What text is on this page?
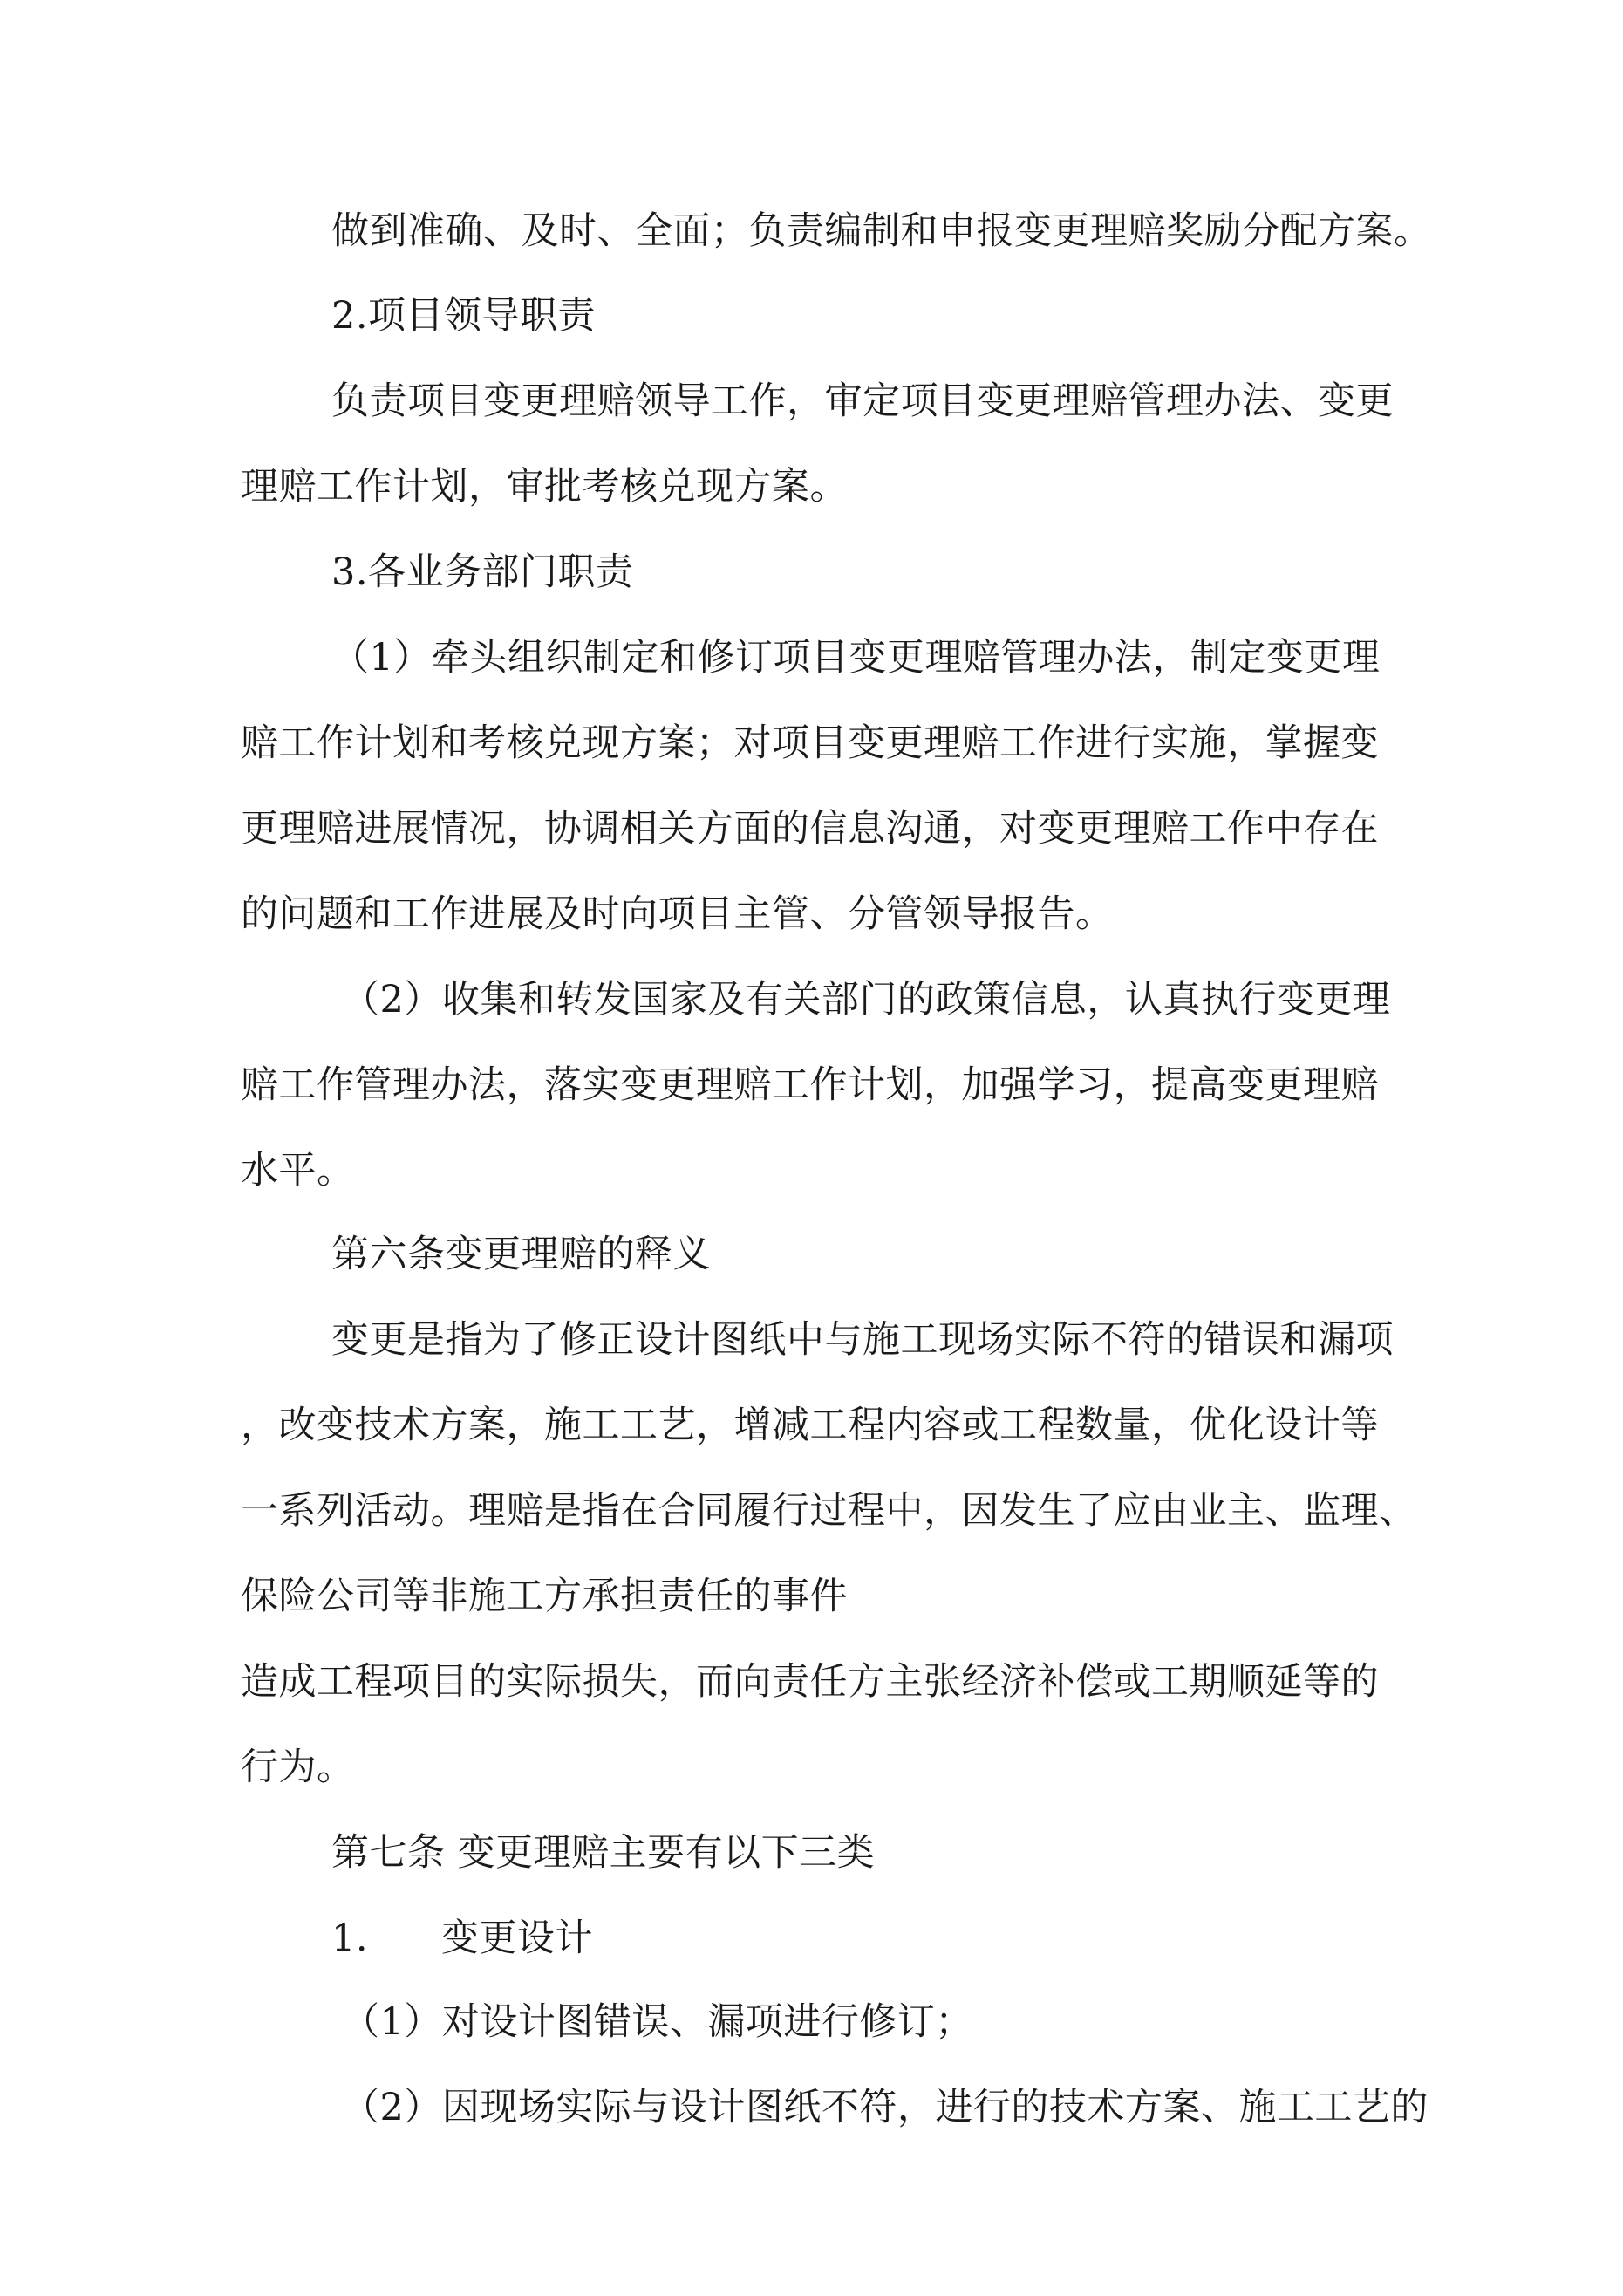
做到准确、及时、全面；负责编制和申报变更理赔奖励分配方案。
2.项目领导职责
负责项目变更理赔领导工作，审定项目变更理赔管理办法、变更
理赔工作计划，审批考核兑现方案。
3.各业务部门职责
（1）牵头组织制定和修订项目变更理赔管理办法，制定变更理
赔工作计划和考核兑现方案；对项目变更理赔工作进行实施，掌握变
更理赔进展情况，协调相关方面的信息沟通，对变更理赔工作中存在
的问题和工作进展及时向项目主管、分管领导报告。
（2）收集和转发国家及有关部门的政策信息，认真执行变更理
赔工作管理办法，落实变更理赔工作计划，加强学习，提高变更理赔
水平。
第六条变更理赔的释义
变更是指为了修正设计图纸中与施工现场实际不符的错误和漏项
，改变技术方案，施工工艺，增减工程内容或工程数量，优化设计等
一系列活动。理赔是指在合同履行过程中，因发生了应由业主、监理、
保险公司等非施工方承担责任的事件
造成工程项目的实际损失，而向责任方主张经济补偿或工期顺延等的
行为。
第七条 变更理赔主要有以下三类
1. 变更设计
（1）对设计图错误、漏项进行修订；
（2）因现场实际与设计图纸不符，进行的技术方案、施工工艺的
